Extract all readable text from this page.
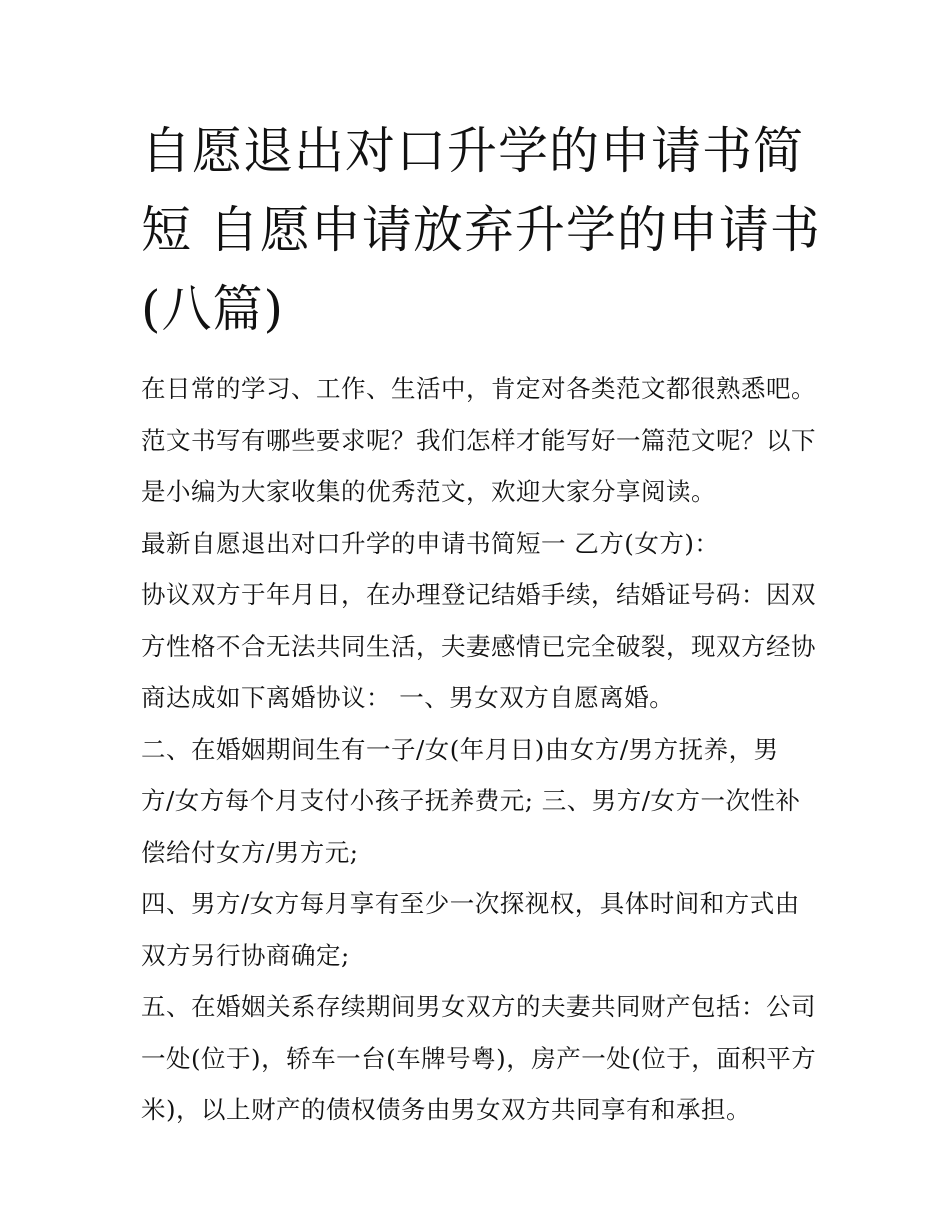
自愿退出对口升学的申请书简
短 自愿申请放弃升学的申请书
(八篇)

在日常的学习、工作、生活中，肯定对各类范文都很熟悉吧。
范文书写有哪些要求呢？我们怎样才能写好一篇范文呢？以下
是小编为大家收集的优秀范文，欢迎大家分享阅读。

最新自愿退出对口升学的申请书简短一 乙方(女方)：

协议双方于年月日，在办理登记结婚手续，结婚证号码：因双
方性格不合无法共同生活，夫妻感情已完全破裂，现双方经协
商达成如下离婚协议： 一、男女双方自愿离婚。

二、在婚姻期间生有一子/女(年月日)由女方/男方抚养，男
方/女方每个月支付小孩子抚养费元; 三、男方/女方一次性补
偿给付女方/男方元;

四、男方/女方每月享有至少一次探视权，具体时间和方式由
双方另行协商确定;

五、在婚姻关系存续期间男女双方的夫妻共同财产包括：公司
一处(位于)，轿车一台(车牌号粤)，房产一处(位于，面积平方
米)，以上财产的债权债务由男女双方共同享有和承担。
